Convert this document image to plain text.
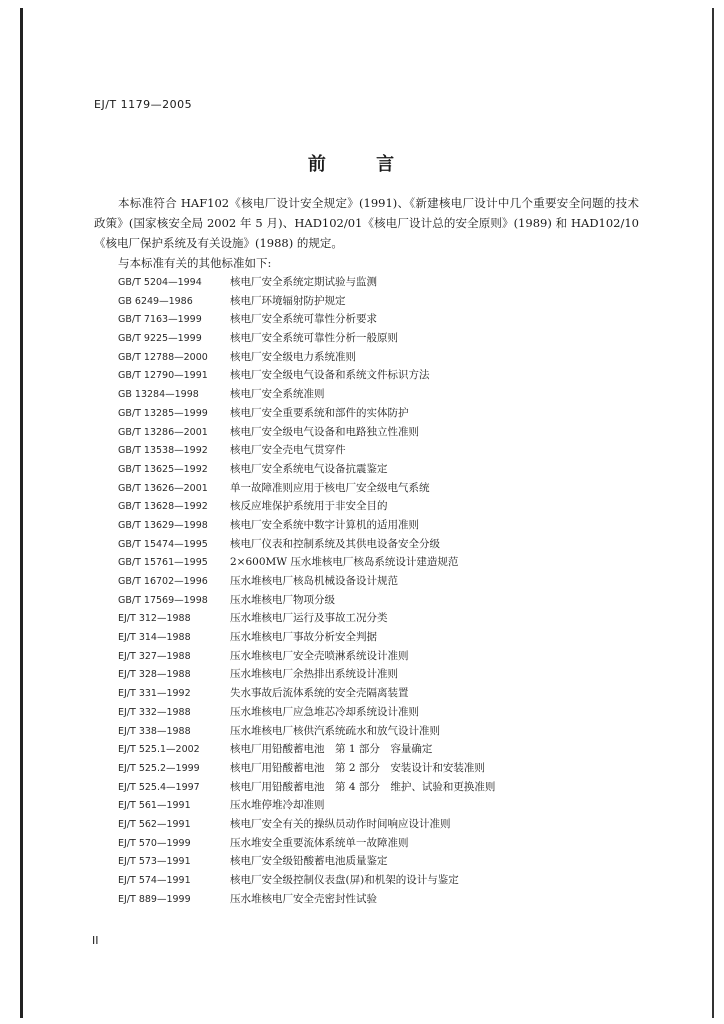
EJ/T 1179—2005
前 言
本标准符合 HAF102《核电厂设计安全规定》(1991)、《新建核电厂设计中几个重要安全问题的技术政策》(国家核安全局 2002 年 5 月)、HAD102/01《核电厂设计总的安全原则》(1989) 和 HAD102/10《核电厂保护系统及有关设施》(1988) 的规定。
与本标准有关的其他标准如下:
GB/T 5204—1994	核电厂安全系统定期试验与监测
GB 6249—1986	核电厂环境辐射防护规定
GB/T 7163—1999	核电厂安全系统可靠性分析要求
GB/T 9225—1999	核电厂安全系统可靠性分析一般原则
GB/T 12788—2000 核电厂安全级电力系统准则
GB/T 12790—1991 核电厂安全级电气设备和系统文件标识方法
GB 13284—1998	核电厂安全系统准则
GB/T 13285—1999 核电厂安全重要系统和部件的实体防护
GB/T 13286—2001 核电厂安全级电气设备和电路独立性准则
GB/T 13538—1992 核电厂安全壳电气贯穿件
GB/T 13625—1992 核电厂安全系统电气设备抗震鉴定
GB/T 13626—2001 单一故障准则应用于核电厂安全级电气系统
GB/T 13628—1992 核反应堆保护系统用于非安全目的
GB/T 13629—1998 核电厂安全系统中数字计算机的适用准则
GB/T 15474—1995 核电厂仪表和控制系统及其供电设备安全分级
GB/T 15761—1995 2×600MW 压水堆核电厂核岛系统设计建造规范
GB/T 16702—1996 压水堆核电厂核岛机械设备设计规范
GB/T 17569—1998 压水堆核电厂物项分级
EJ/T 312—1988	压水堆核电厂运行及事故工况分类
EJ/T 314—1988	压水堆核电厂事故分析安全判据
EJ/T 327—1988	压水堆核电厂安全壳喷淋系统设计准则
EJ/T 328—1988	压水堆核电厂余热排出系统设计准则
EJ/T 331—1992	失水事故后流体系统的安全壳隔离装置
EJ/T 332—1988	压水堆核电厂应急堆芯冷却系统设计准则
EJ/T 338—1988	压水堆核电厂核供汽系统疏水和放气设计准则
EJ/T 525.1—2002	核电厂用铅酸蓄电池　第 1 部分　容量确定
EJ/T 525.2—1999	核电厂用铅酸蓄电池　第 2 部分　安装设计和安装准则
EJ/T 525.4—1997	核电厂用铅酸蓄电池　第 4 部分　维护、试验和更换准则
EJ/T 561—1991	压水堆停堆冷却准则
EJ/T 562—1991	核电厂安全有关的操纵员动作时间响应设计准则
EJ/T 570—1999	压水堆安全重要流体系统单一故障准则
EJ/T 573—1991	核电厂安全级铅酸蓄电池质量鉴定
EJ/T 574—1991	核电厂安全级控制仪表盘(屏)和机架的设计与鉴定
EJ/T 889—1999	压水堆核电厂安全壳密封性试验
II
